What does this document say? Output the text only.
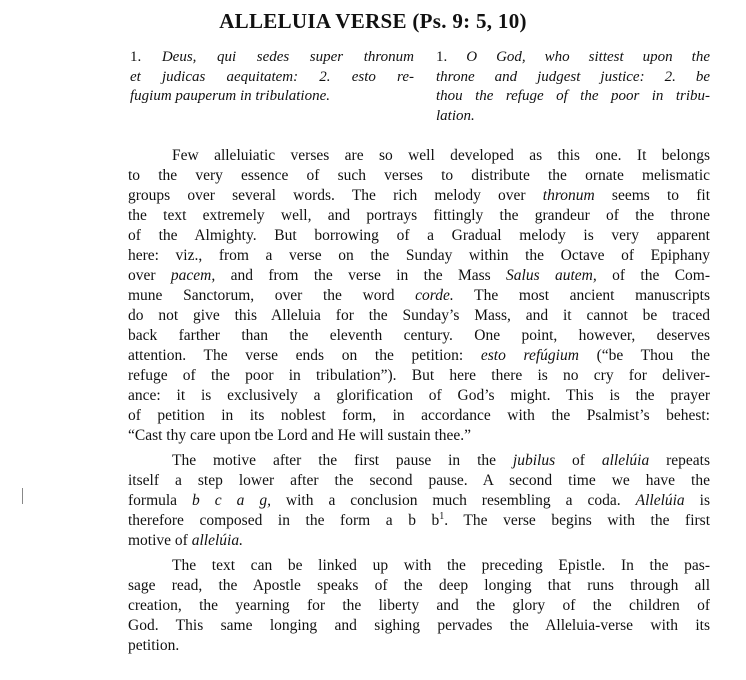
ALLELUIA VERSE (Ps. 9: 5, 10)
1. Deus, qui sedes super thronum
et judicas aequitatem: 2. esto re-
fugium pauperum in tribulatione.
1. O God, who sittest upon the
throne and judgest justice: 2. be
thou the refuge of the poor in tribu-
lation.
Few alleluiatic verses are so well developed as this one. It belongs
to the very essence of such verses to distribute the ornate melismatic
groups over several words. The rich melody over thronum seems to fit
the text extremely well, and portrays fittingly the grandeur of the throne
of the Almighty. But borrowing of a Gradual melody is very apparent
here: viz., from a verse on the Sunday within the Octave of Epiphany
over pacem, and from the verse in the Mass Salus autem, of the Com-
mune Sanctorum, over the word corde. The most ancient manuscripts
do not give this Alleluia for the Sunday’s Mass, and it cannot be traced
back farther than the eleventh century. One point, however, deserves
attention. The verse ends on the petition: esto refúgium (“be Thou the
refuge of the poor in tribulation”). But here there is no cry for deliver-
ance: it is exclusively a glorification of God’s might. This is the prayer
of petition in its noblest form, in accordance with the Psalmist’s behest:
“Cast thy care upon tbe Lord and He will sustain thee.”
The motive after the first pause in the jubilus of allelúia repeats
itself a step lower after the second pause. A second time we have the
formula b c a g, with a conclusion much resembling a coda. Allelúia is
therefore composed in the form a b $b^1$. The verse begins with the first
motive of allelúia.
The text can be linked up with the preceding Epistle. In the pas-
sage read, the Apostle speaks of the deep longing that runs through all
creation, the yearning for the liberty and the glory of the children of
God. This same longing and sighing pervades the Alleluia-verse with its
petition.
